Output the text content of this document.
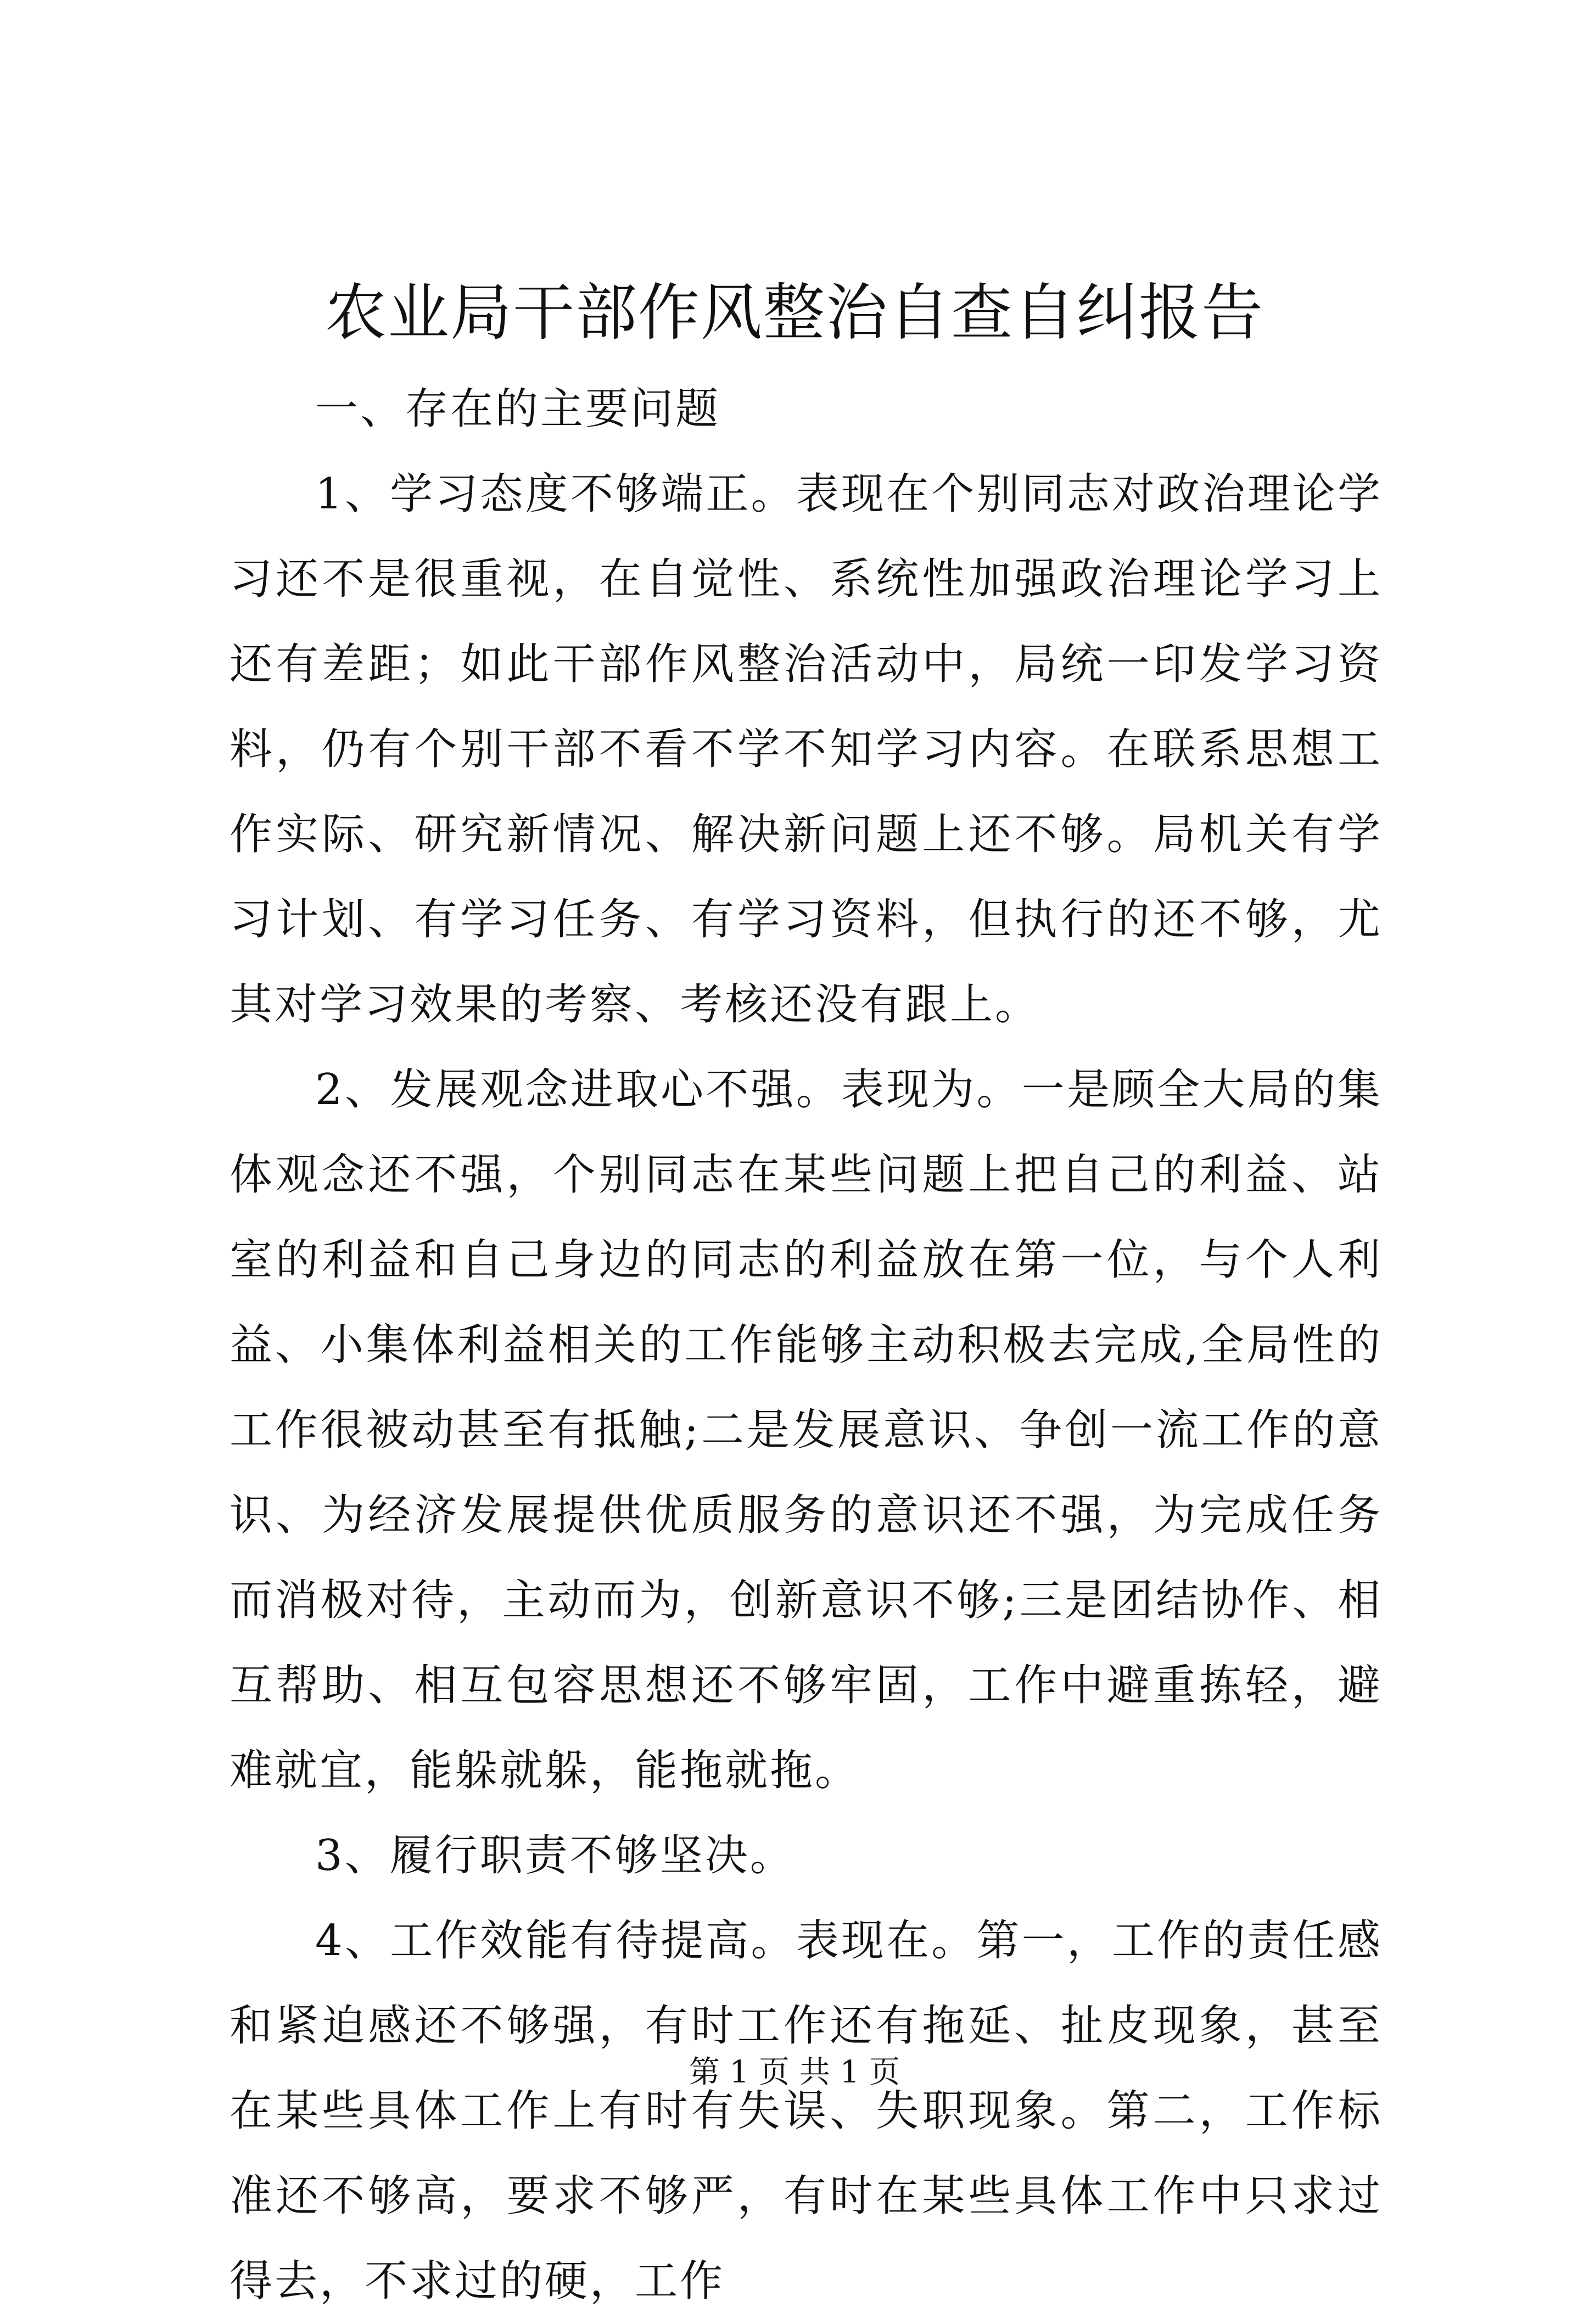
农业局干部作风整治自查自纠报告

一、存在的主要问题

1、学习态度不够端正。表现在个别同志对政治理论学习还不是很重视，在自觉性、系统性加强政治理论学习上还有差距；如此干部作风整治活动中，局统一印发学习资料，仍有个别干部不看不学不知学习内容。在联系思想工作实际、研究新情况、解决新问题上还不够。局机关有学习计划、有学习任务、有学习资料，但执行的还不够，尤其对学习效果的考察、考核还没有跟上。

2、发展观念进取心不强。表现为。一是顾全大局的集体观念还不强，个别同志在某些问题上把自己的利益、站室的利益和自己身边的同志的利益放在第一位，与个人利益、小集体利益相关的工作能够主动积极去完成,全局性的工作很被动甚至有抵触;二是发展意识、争创一流工作的意识、为经济发展提供优质服务的意识还不强，为完成任务而消极对待，主动而为，创新意识不够;三是团结协作、相互帮助、相互包容思想还不够牢固，工作中避重拣轻，避难就宜，能躲就躲，能拖就拖。

3、履行职责不够坚决。

4、工作效能有待提高。表现在。第一，工作的责任感和紧迫感还不够强，有时工作还有拖延、扯皮现象，甚至在某些具体工作上有时有失误、失职现象。第二，工作标准还不够高，要求不够严，有时在某些具体工作中只求过得去，不求过的硬，工作

第 1 页 共 1 页
